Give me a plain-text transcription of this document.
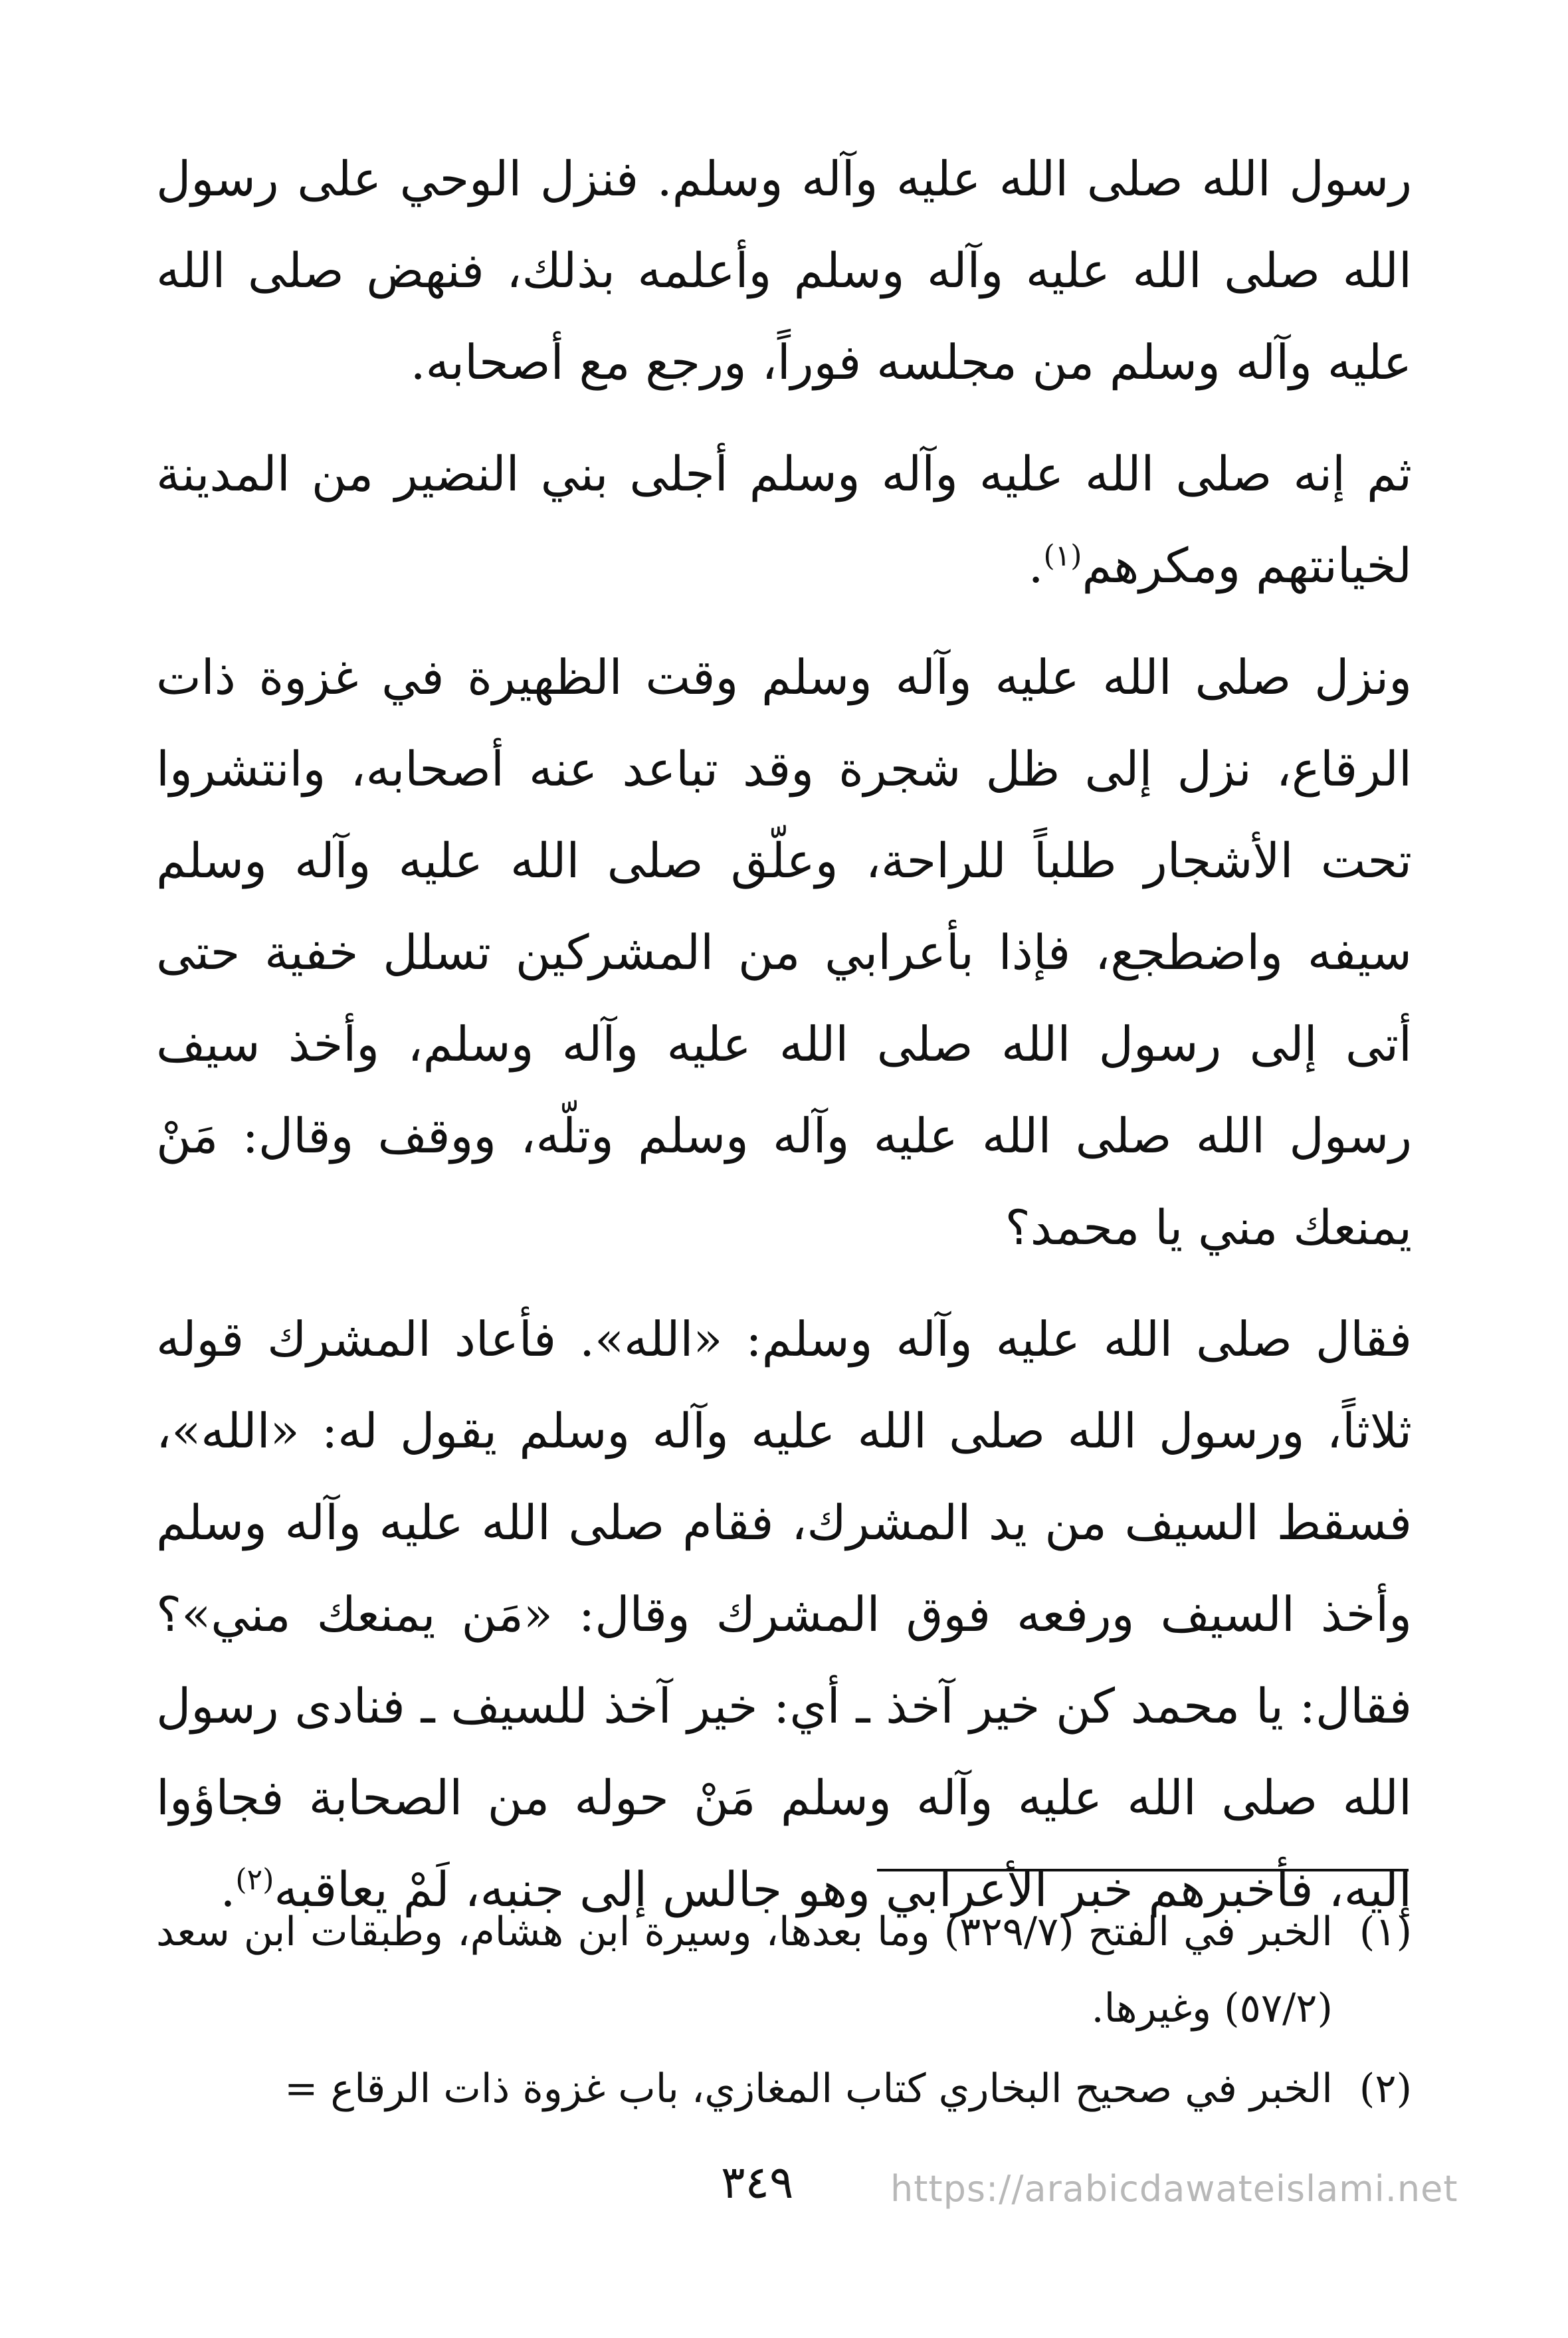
رسول الله صلى الله عليه وآله وسلم. فنزل الوحي على رسول الله صلى الله عليه وآله وسلم وأعلمه بذلك، فنهض صلى الله عليه وآله وسلم من مجلسه فوراً، ورجع مع أصحابه.

ثم إنه صلى الله عليه وآله وسلم أجلى بني النضير من المدينة لخيانتهم ومكرهم$^{(١)}$.

ونزل صلى الله عليه وآله وسلم وقت الظهيرة في غزوة ذات الرقاع، نزل إلى ظل شجرة وقد تباعد عنه أصحابه، وانتشروا تحت الأشجار طلباً للراحة، وعلّق صلى الله عليه وآله وسلم سيفه واضطجع، فإذا بأعرابي من المشركين تسلل خفية حتى أتى إلى رسول الله صلى الله عليه وآله وسلم، وأخذ سيف رسول الله صلى الله عليه وآله وسلم وتلّه، ووقف وقال: مَنْ يمنعك مني يا محمد؟

فقال صلى الله عليه وآله وسلم: «الله». فأعاد المشرك قوله ثلاثاً، ورسول الله صلى الله عليه وآله وسلم يقول له: «الله»، فسقط السيف من يد المشرك، فقام صلى الله عليه وآله وسلم وأخذ السيف ورفعه فوق المشرك وقال: «مَن يمنعك مني»؟ فقال: يا محمد كن خير آخذ ـ أي: خير آخذ للسيف ـ فنادى رسول الله صلى الله عليه وآله وسلم مَنْ حوله من الصحابة فجاؤوا إليه، فأخبرهم خبر الأعرابي وهو جالس إلى جنبه، لَمْ يعاقبه$^{(٢)}$.

(١)
الخبر في الفتح (٣٢٩/٧) وما بعدها، وسيرة ابن هشام، وطبقات ابن سعد (٥٧/٢) وغيرها.
(٢)
الخبر في صحيح البخاري كتاب المغازي، باب غزوة ذات الرقاع =
٣٤٩	https://arabicdawateislami.net
